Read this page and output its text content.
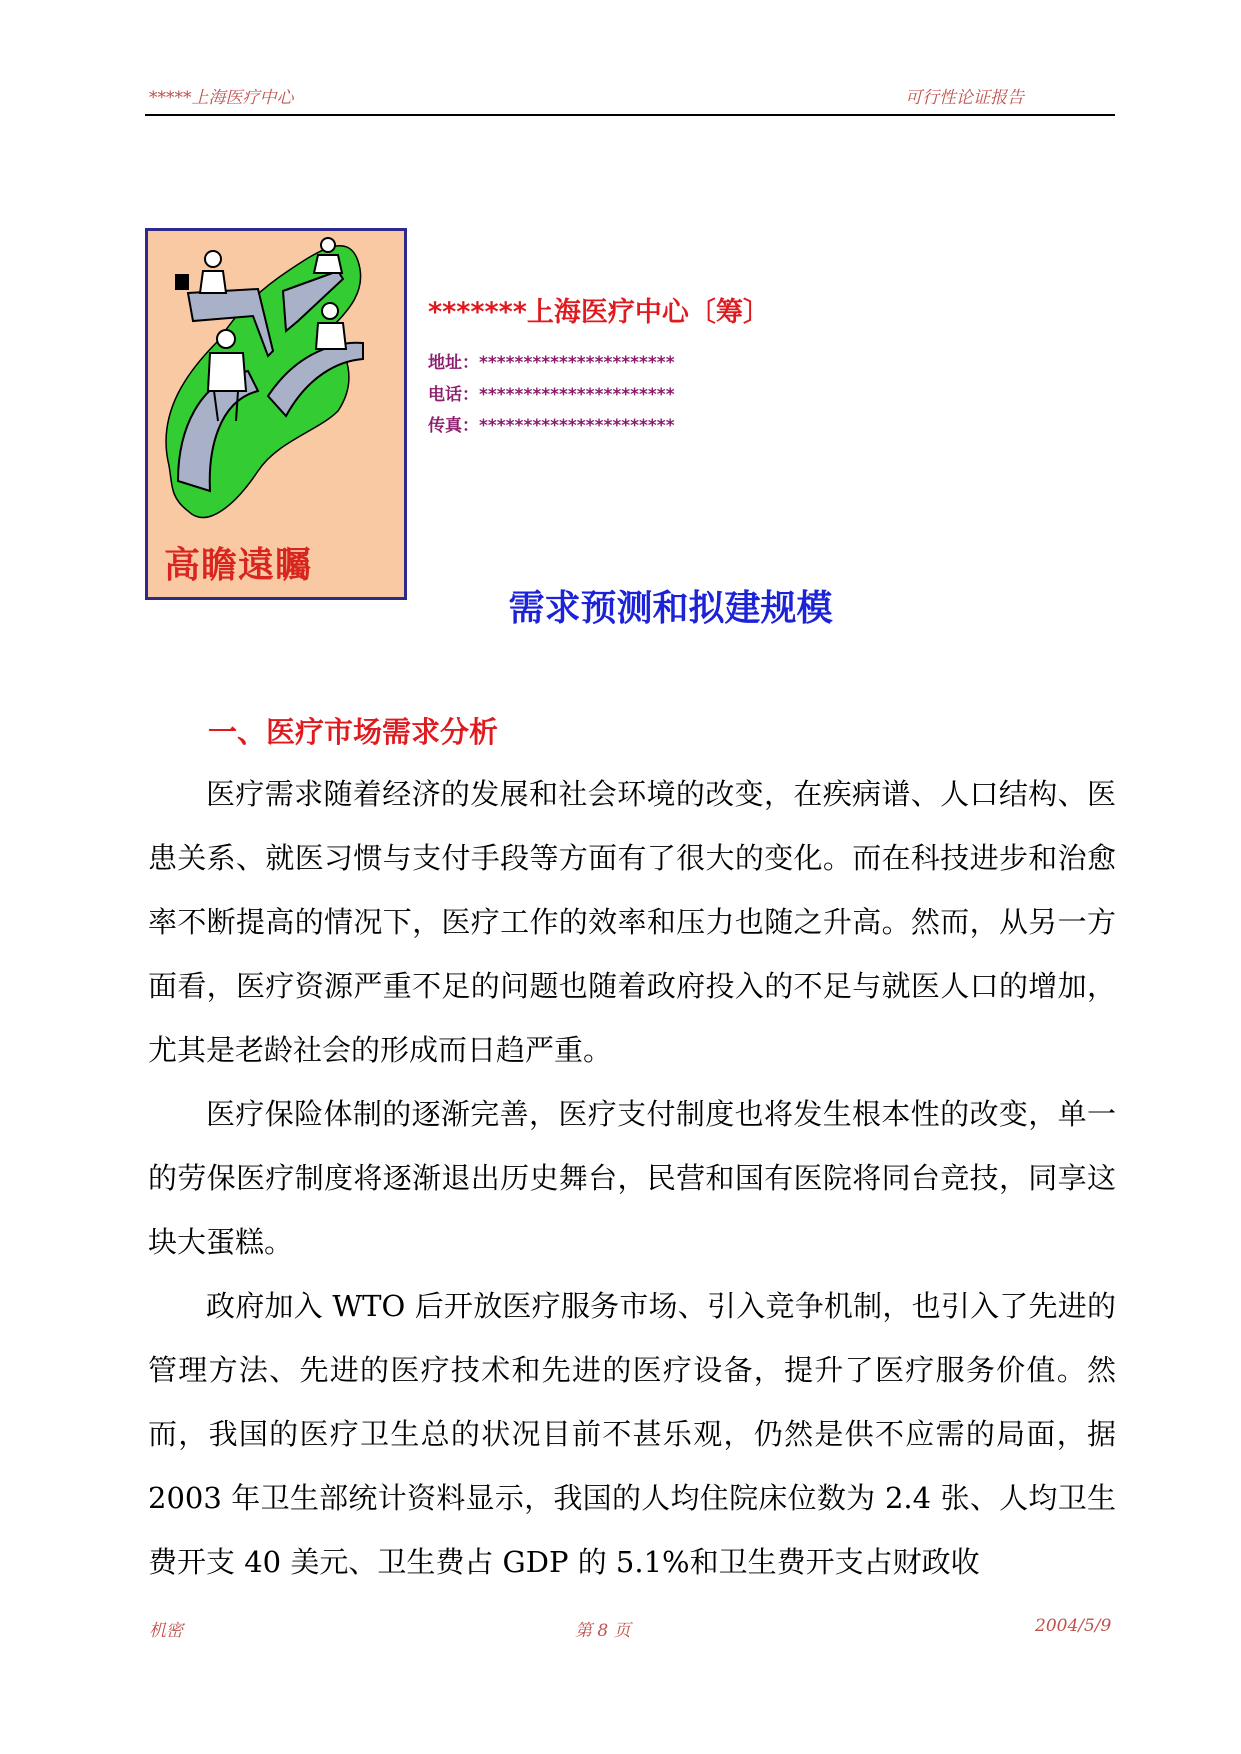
*****上海医疗中心	可行性论证报告
高瞻遠矚
*******上海医疗中心〔筹〕
地址：**********************
电话：**********************
传真：**********************
需求预测和拟建规模
一、医疗市场需求分析

医疗需求随着经济的发展和社会环境的改变，在疾病谱、人口结构、医患关系、就医习惯与支付手段等方面有了很大的变化。而在科技进步和治愈率不断提高的情况下，医疗工作的效率和压力也随之升高。然而，从另一方面看，医疗资源严重不足的问题也随着政府投入的不足与就医人口的增加，尤其是老龄社会的形成而日趋严重。

医疗保险体制的逐渐完善，医疗支付制度也将发生根本性的改变，单一的劳保医疗制度将逐渐退出历史舞台，民营和国有医院将同台竞技，同享这块大蛋糕。

政府加入 WTO 后开放医疗服务市场、引入竞争机制，也引入了先进的管理方法、先进的医疗技术和先进的医疗设备，提升了医疗服务价值。然而，我国的医疗卫生总的状况目前不甚乐观，仍然是供不应需的局面，据 2003 年卫生部统计资料显示，我国的人均住院床位数为 2.4 张、人均卫生费开支 40 美元、卫生费占 GDP 的 5.1%和卫生费开支占财政收

机密	第 8 页	2004/5/9
